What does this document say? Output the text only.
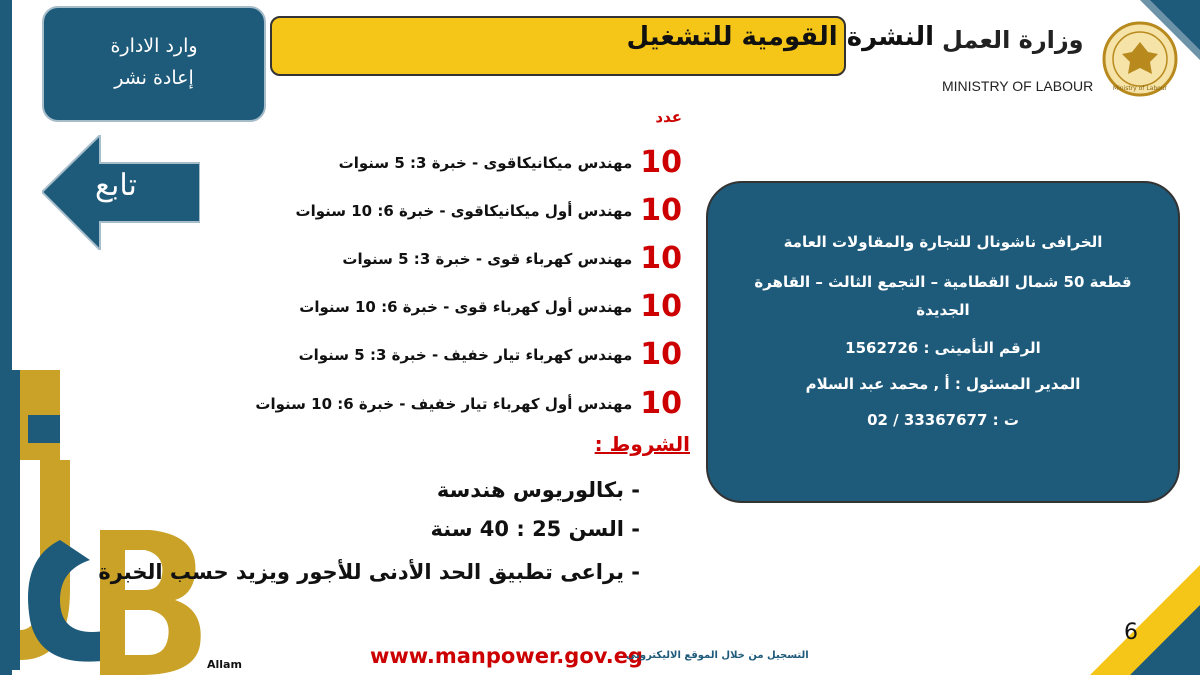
وارد الادارة
إعادة نشر
تابع
النشرة القومية للتشغيل وزارة العمل
MINISTRY OF LABOUR	Ministry of Labour
عدد
10
مهندس ميكانيكاقوى - خبرة 3: 5 سنوات
10
مهندس أول ميكانيكاقوى - خبرة 6: 10 سنوات
10
مهندس كهرباء قوى - خبرة 3: 5 سنوات
10
مهندس أول كهرباء قوى - خبرة 6: 10 سنوات
10
مهندس كهرباء تيار خفيف - خبرة 3: 5 سنوات
10
مهندس أول كهرباء تيار خفيف - خبرة 6: 10 سنوات
الشروط :
- بكالوريوس هندسة
- السن 25 : 40 سنة
- يراعى تطبيق الحد الأدنى للأجور ويزيد حسب الخبرة

الخرافى ناشونال للتجارة والمقاولات العامة

قطعة 50 شمال القطامية – التجمع الثالث – القاهرة

الجديدة

الرقم التأمينى : 1562726

المدير المسئول : أ , محمد عبد السلام

ت : 33367677 / 02

6
www.manpower.gov.eg
التسجيل من خلال الموقع الاليكترونى
Allam
